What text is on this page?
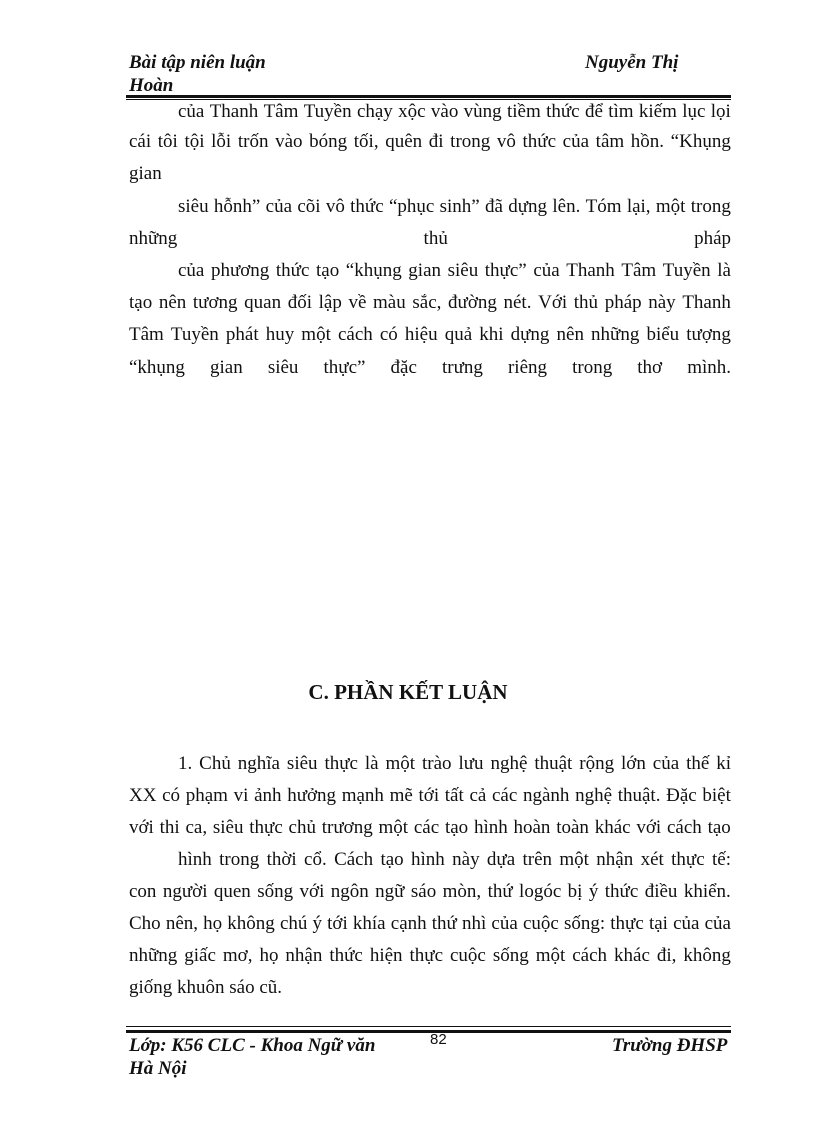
Bài tập niên luận	Nguyễn Thị
Hoàn
của Thanh Tâm Tuyền chạy xộc vào vùng tiềm thức để tìm kiếm lục lọi
cái tôi tội lỗi trốn vào bóng tối, quên đi trong vô thức của tâm hồn. “Khụng
gian
siêu hỗnh” của cõi vô thức “phục sinh” đã dựng lên. Tóm lại, một trong
những	thủ	pháp
của phương thức tạo “khụng gian siêu thực” của Thanh Tâm Tuyền là
tạo nên tương quan đối lập về màu sắc, đường nét. Với thủ pháp này Thanh
Tâm Tuyền phát huy một cách có hiệu quả khi dựng nên những biểu tượng
“khụng gian siêu thực” đặc trưng riêng trong thơ mình.
C. PHẦN KẾT LUẬN
1. Chủ nghĩa siêu thực là một trào lưu nghệ thuật rộng lớn của thế kỉ
XX có phạm vi ảnh hưởng mạnh mẽ tới tất cả các ngành nghệ thuật. Đặc biệt
với thi ca, siêu thực chủ trương một các tạo hình hoàn toàn khác với cách tạo
hình trong thời cổ. Cách tạo hình này dựa trên một nhận xét thực tế:
con người quen sống với ngôn ngữ sáo mòn, thứ logóc bị ý thức điều khiển.
Cho nên, họ không chú ý tới khía cạnh thứ nhì của cuộc sống: thực tại của của
những giấc mơ, họ nhận thức hiện thực cuộc sống một cách khác đi, không
giống khuôn sáo cũ.
Lớp: K56 CLC - Khoa Ngữ văn
Hà Nội
82	Trường ĐHSP
